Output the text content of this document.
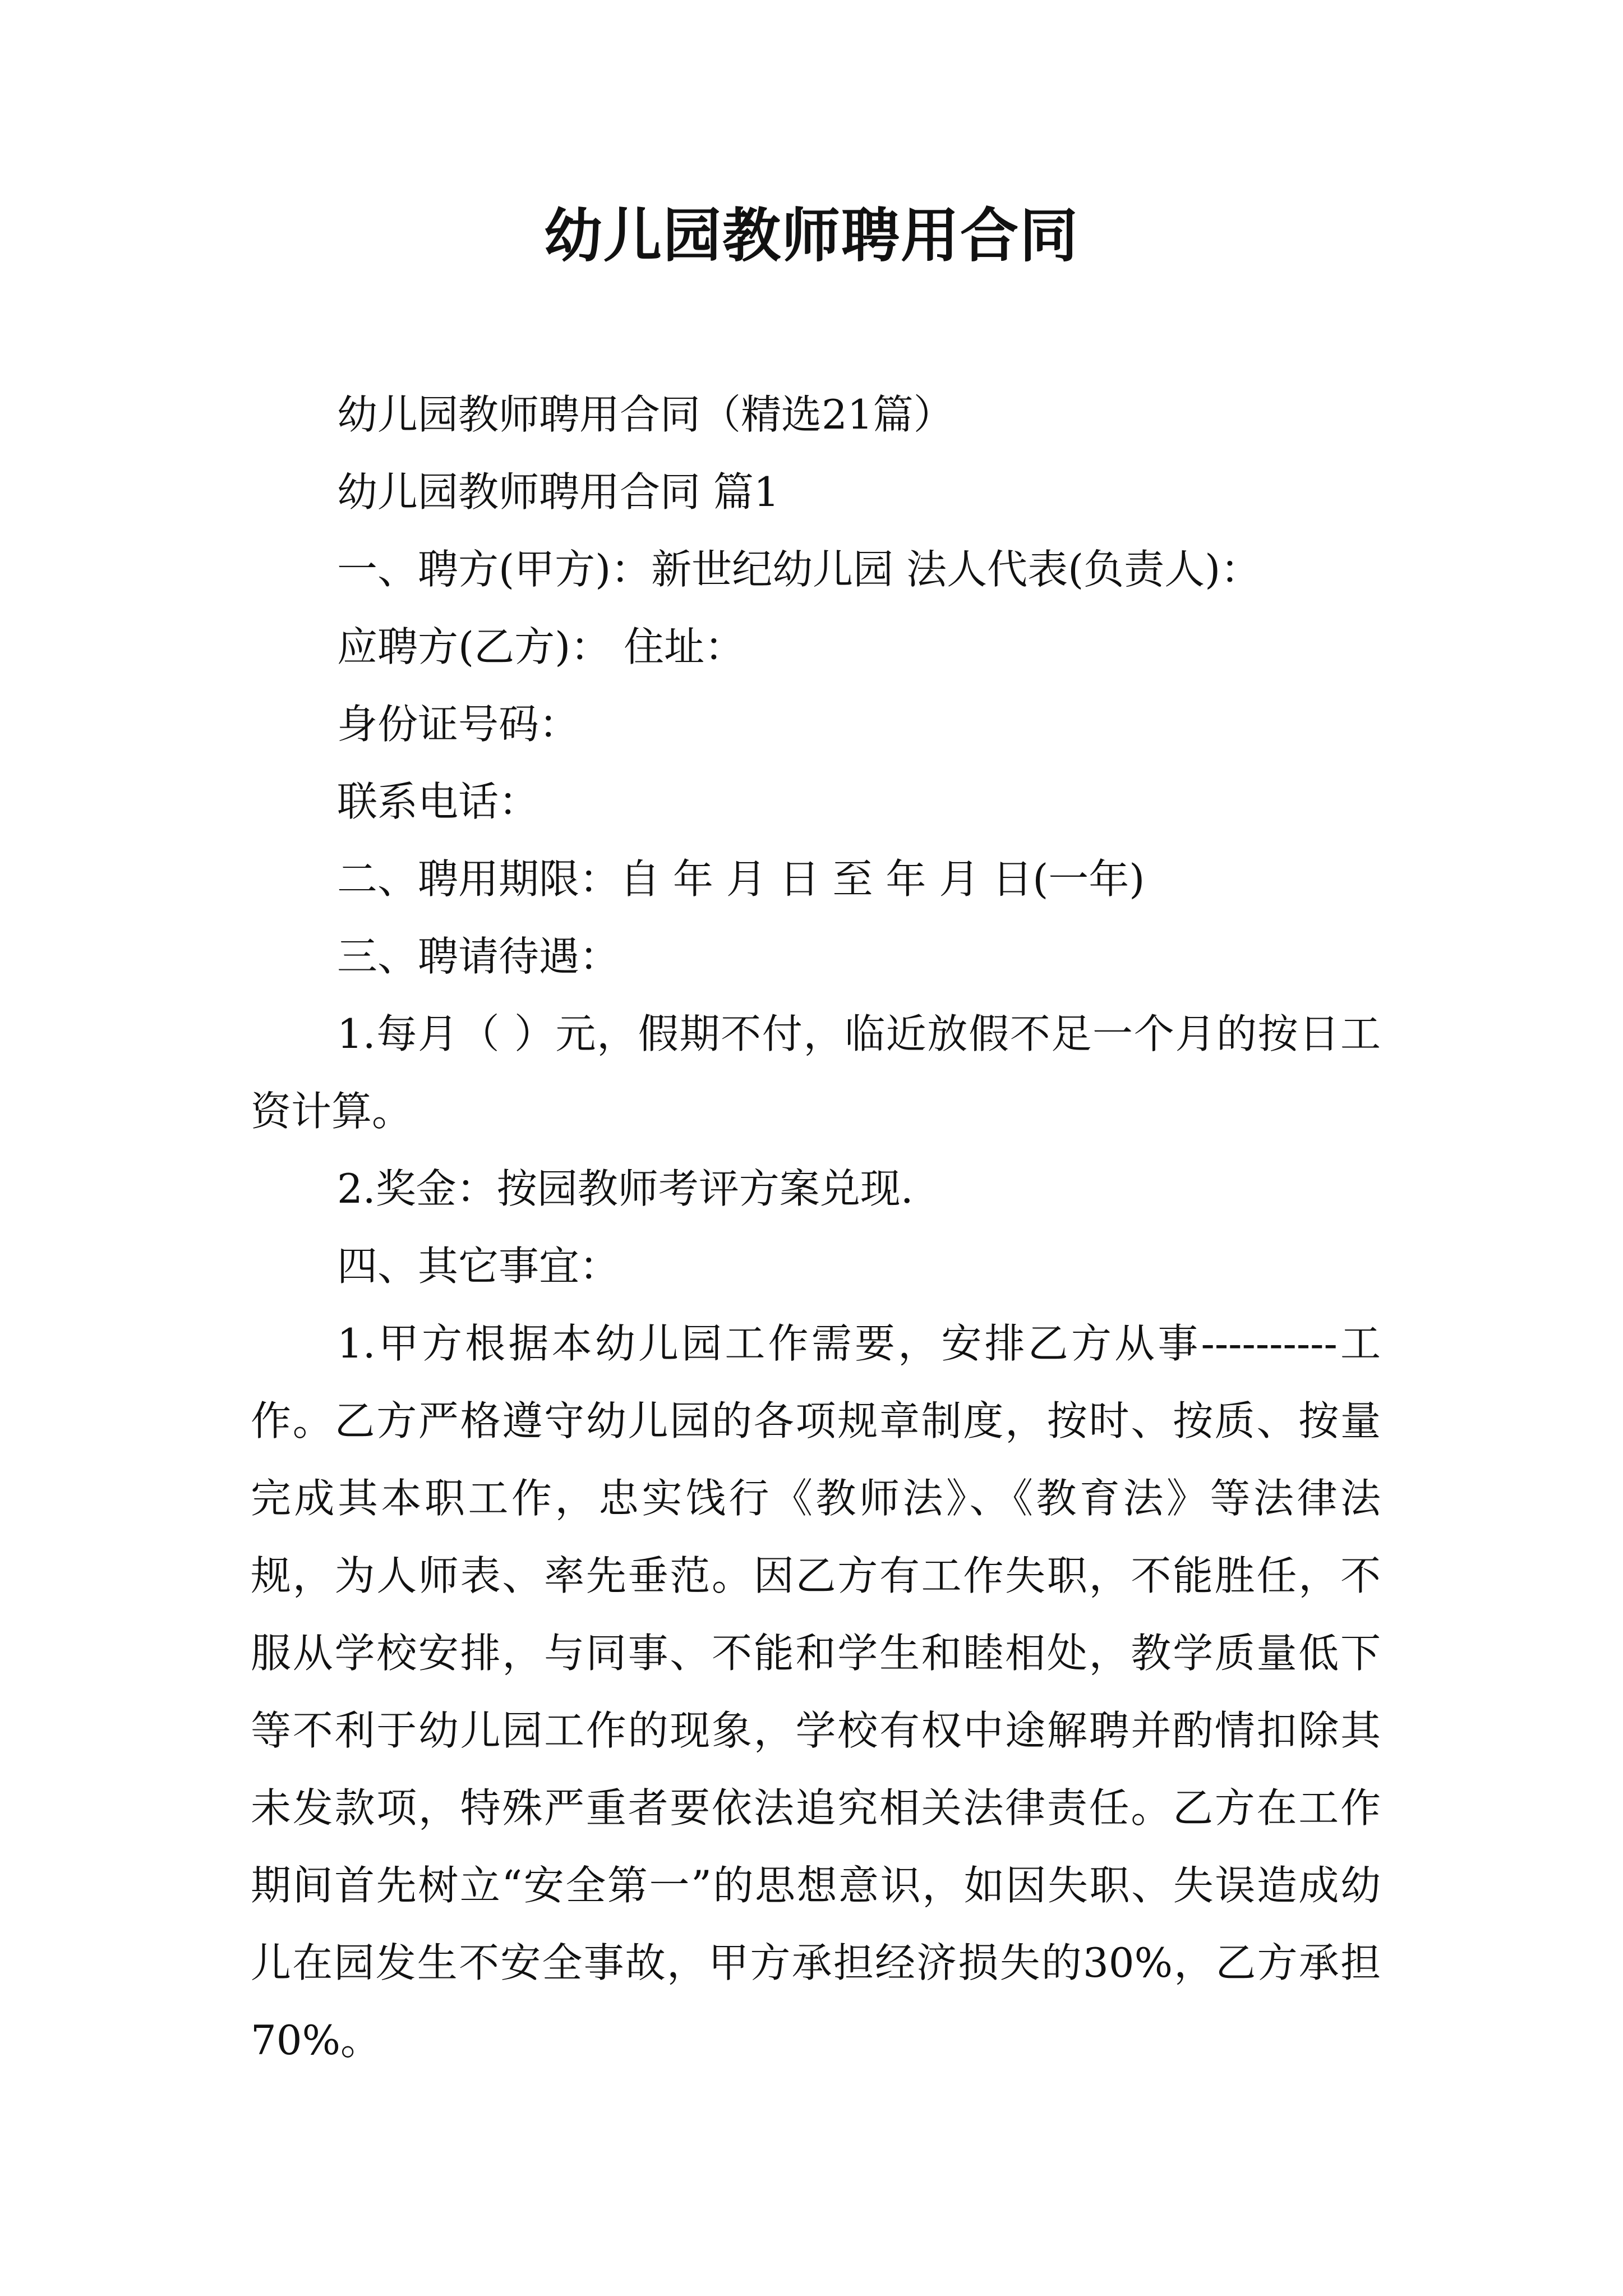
幼儿园教师聘用合同

幼儿园教师聘用合同（精选21篇）

幼儿园教师聘用合同 篇1

一、聘方(甲方)：新世纪幼儿园 法人代表(负责人)：

应聘方(乙方)： 住址：

身份证号码：

联系电话：

二、聘用期限：自 年 月 日 至 年 月 日(一年)

三、聘请待遇：

1.每月（ ）元，假期不付，临近放假不足一个月的按日工资计算。

2.奖金：按园教师考评方案兑现.

四、其它事宜：

1.甲方根据本幼儿园工作需要，安排乙方从事----------工作。乙方严格遵守幼儿园的各项规章制度，按时、按质、按量完成其本职工作，忠实饯行《教师法》、《教育法》等法律法规，为人师表、率先垂范。因乙方有工作失职，不能胜任，不服从学校安排，与同事、不能和学生和睦相处，教学质量低下等不利于幼儿园工作的现象，学校有权中途解聘并酌情扣除其未发款项，特殊严重者要依法追究相关法律责任。乙方在工作期间首先树立“安全第一”的思想意识，如因失职、失误造成幼儿在园发生不安全事故，甲方承担经济损失的30%，乙方承担70%。
